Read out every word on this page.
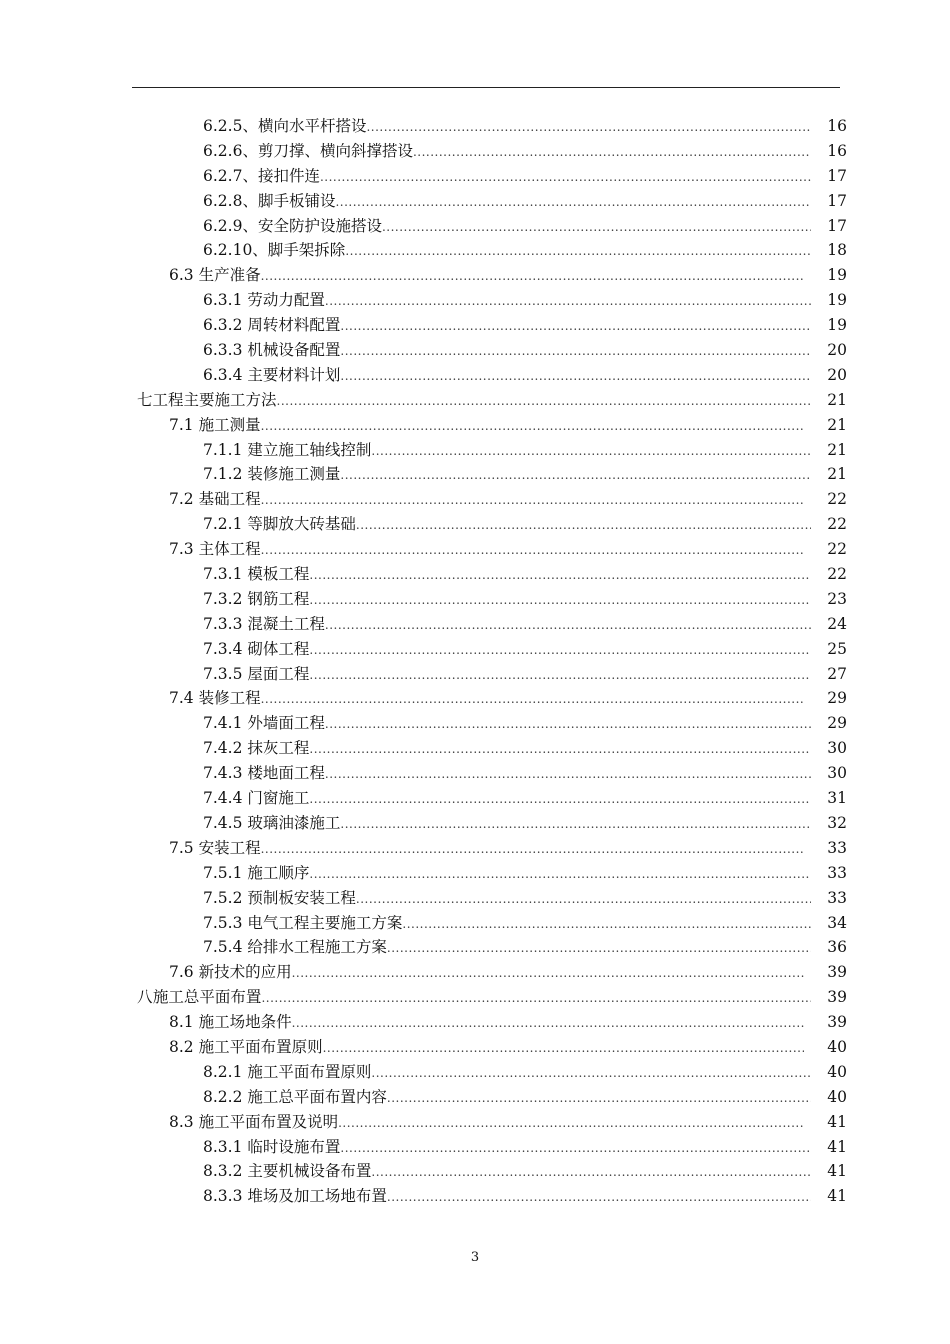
6.2.5、横向水平杆搭设 .....	16
6.2.6、剪刀撑、横向斜撑搭设 .....	16
6.2.7、接扣件连 .....	17
6.2.8、脚手板铺设 .....	17
6.2.9、安全防护设施搭设 .....	17
6.2.10、脚手架拆除 .....	18
6.3 生产准备 .....	19
6.3.1 劳动力配置 .....	19
6.3.2 周转材料配置 .....	19
6.3.3 机械设备配置 .....	20
6.3.4 主要材料计划 .....	20
七 工程主要施工方法 .....	21
7.1 施工测量 .....	21
7.1.1 建立施工轴线控制 .....	21
7.1.2 装修施工测量 .....	21
7.2 基础工程 .....	22
7.2.1 等脚放大砖基础 .....	22
7.3 主体工程 .....	22
7.3.1 模板工程 .....	22
7.3.2 钢筋工程 .....	23
7.3.3 混凝土工程 .....	24
7.3.4 砌体工程 .....	25
7.3.5 屋面工程 .....	27
7.4 装修工程 .....	29
7.4.1 外墙面工程 .....	29
7.4.2 抹灰工程 .....	30
7.4.3 楼地面工程 .....	30
7.4.4 门窗施工 .....	31
7.4.5 玻璃油漆施工 .....	32
7.5 安装工程 .....	33
7.5.1 施工顺序 .....	33
7.5.2 预制板安装工程 .....	33
7.5.3 电气工程主要施工方案 .....	34
7.5.4 给排水工程施工方案 .....	36
7.6 新技术的应用 .....	39
八 施工总平面布置 .....	39
8.1 施工场地条件 .....	39
8.2 施工平面布置原则 .....	40
8.2.1 施工平面布置原则 .....	40
8.2.2 施工总平面布置内容 .....	40
8.3 施工平面布置及说明 .....	41
8.3.1 临时设施布置 .....	41
8.3.2 主要机械设备布置 .....	41
8.3.3 堆场及加工场地布置 .....	41
3
